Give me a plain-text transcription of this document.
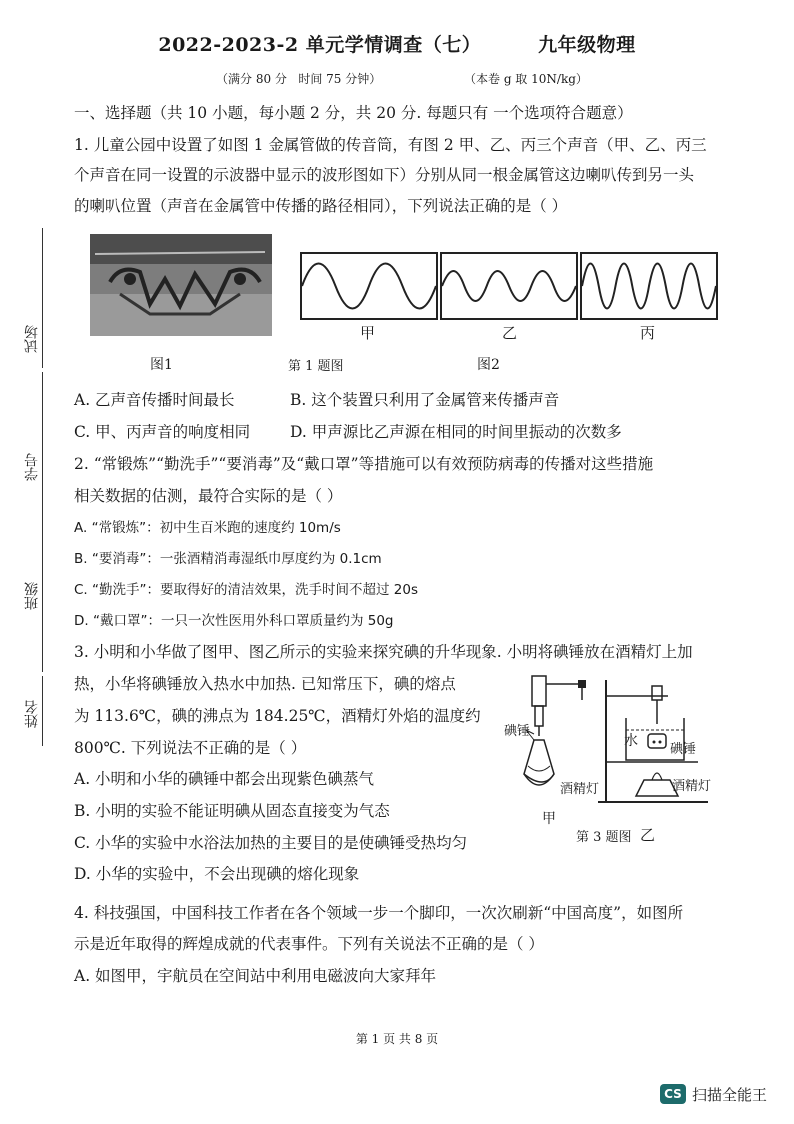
2022-2023-2 单元学情调查（七）        九年级物理
（满分 80 分   时间 75 分钟）	（本卷 g 取 10N/kg）
试场
学号
班级
姓名
一、选择题（共 10 小题，每小题 2 分，共 20 分. 每题只有 一个选项符合题意）
1. 儿童公园中设置了如图 1 金属管做的传音筒，有图 2 甲、乙、丙三个声音（甲、乙、丙三
个声音在同一设置的示波器中显示的波形图如下）分别从同一根金属管这边喇叭传到另一头
的喇叭位置（声音在金属管中传播的路径相同），下列说法正确的是（ ）
甲	乙	丙
图1	第 1 题图	图2
A. 乙声音传播时间最长	B. 这个装置只利用了金属管来传播声音
C. 甲、丙声音的响度相同	D. 甲声源比乙声源在相同的时间里振动的次数多
2. “常锻炼”“勤洗手”“要消毒”及“戴口罩”等措施可以有效预防病毒的传播对这些措施
相关数据的估测，最符合实际的是（ ）
A. “常锻炼”：初中生百米跑的速度约 10m/s
B. “要消毒”：一张酒精消毒湿纸巾厚度约为 0.1cm
C. “勤洗手”：要取得好的清洁效果，洗手时间不超过 20s
D. “戴口罩”：一只一次性医用外科口罩质量约为 50g
3. 小明和小华做了图甲、图乙所示的实验来探究碘的升华现象. 小明将碘锤放在酒精灯上加
热，小华将碘锤放入热水中加热. 已知常压下，碘的熔点
为 113.6℃，碘的沸点为 184.25℃，酒精灯外焰的温度约
800℃. 下列说法不正确的是（ ）
A. 小明和小华的碘锤中都会出现紫色碘蒸气
B. 小明的实验不能证明碘从固态直接变为气态
C. 小华的实验中水浴法加热的主要目的是使碘锤受热均匀
D. 小华的实验中，不会出现碘的熔化现象
碘锤
酒精灯
甲
水
碘锤
酒精灯
第 3 题图 乙
4. 科技强国，中国科技工作者在各个领域一步一个脚印，一次次刷新“中国高度”，如图所
示是近年取得的辉煌成就的代表事件。下列有关说法不正确的是（ ）
A. 如图甲，宇航员在空间站中利用电磁波向大家拜年
第 1 页 共 8 页
CS 扫描全能王
